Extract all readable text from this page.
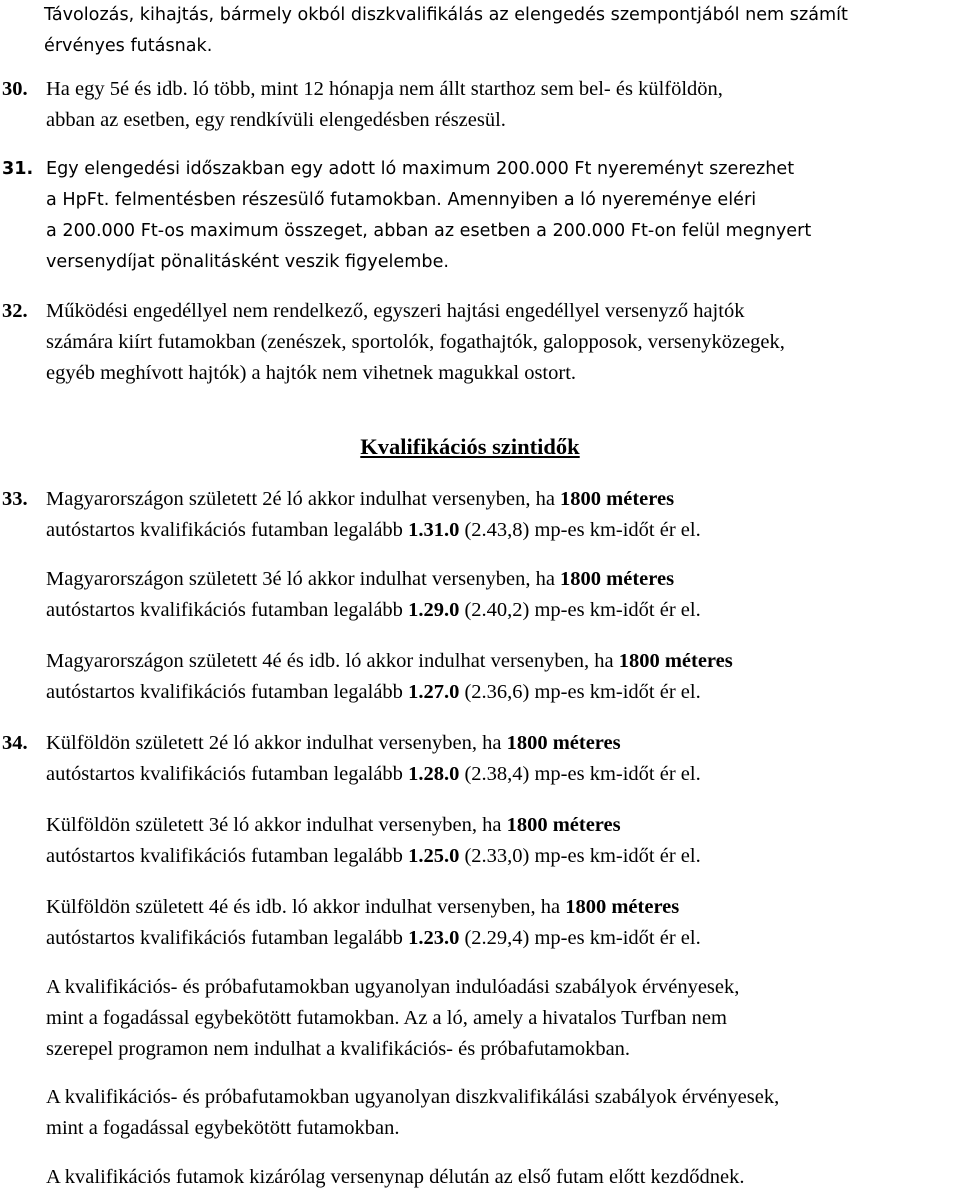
Távolozás, kihajtás, bármely okból diszkvalifikálás az elengedés szempontjából nem számít
érvényes futásnak.
30. Ha egy 5é és idb. ló több, mint 12 hónapja nem állt starthoz sem bel- és külföldön,
abban az esetben, egy rendkívüli elengedésben részesül.
31. Egy elengedési időszakban egy adott ló maximum 200.000 Ft nyereményt szerezhet
a HpFt. felmentésben részesülő futamokban. Amennyiben a ló nyereménye eléri
a 200.000 Ft-os maximum összeget, abban az esetben a 200.000 Ft-on felül megnyert
versenydíjat pönalitásként veszik figyelembe.
32. Működési engedéllyel nem rendelkező, egyszeri hajtási engedéllyel versenyző hajtók
számára kiírt futamokban (zenészek, sportolók, fogathajtók, galopposok, versenyközegek,
egyéb meghívott hajtók) a hajtók nem vihetnek magukkal ostort.
Kvalifikációs szintidők
33. Magyarországon született 2é ló akkor indulhat versenyben, ha 1800 méteres
autóstartos kvalifikációs futamban legalább 1.31.0 (2.43,8) mp-es km-időt ér el.
Magyarországon született 3é ló akkor indulhat versenyben, ha 1800 méteres
autóstartos kvalifikációs futamban legalább 1.29.0 (2.40,2) mp-es km-időt ér el.
Magyarországon született 4é és idb. ló akkor indulhat versenyben, ha 1800 méteres
autóstartos kvalifikációs futamban legalább 1.27.0 (2.36,6) mp-es km-időt ér el.
34. Külföldön született 2é ló akkor indulhat versenyben, ha 1800 méteres
autóstartos kvalifikációs futamban legalább 1.28.0 (2.38,4) mp-es km-időt ér el.
Külföldön született 3é ló akkor indulhat versenyben, ha 1800 méteres
autóstartos kvalifikációs futamban legalább 1.25.0 (2.33,0) mp-es km-időt ér el.
Külföldön született 4é és idb. ló akkor indulhat versenyben, ha 1800 méteres
autóstartos kvalifikációs futamban legalább 1.23.0 (2.29,4) mp-es km-időt ér el.
A kvalifikációs- és próbafutamokban ugyanolyan indulóadási szabályok érvényesek,
mint a fogadással egybekötött futamokban. Az a ló, amely a hivatalos Turfban nem
szerepel programon nem indulhat a kvalifikációs- és próbafutamokban.
A kvalifikációs- és próbafutamokban ugyanolyan diszkvalifikálási szabályok érvényesek,
mint a fogadással egybekötött futamokban.
A kvalifikációs futamok kizárólag versenynap délután az első futam előtt kezdődnek.
